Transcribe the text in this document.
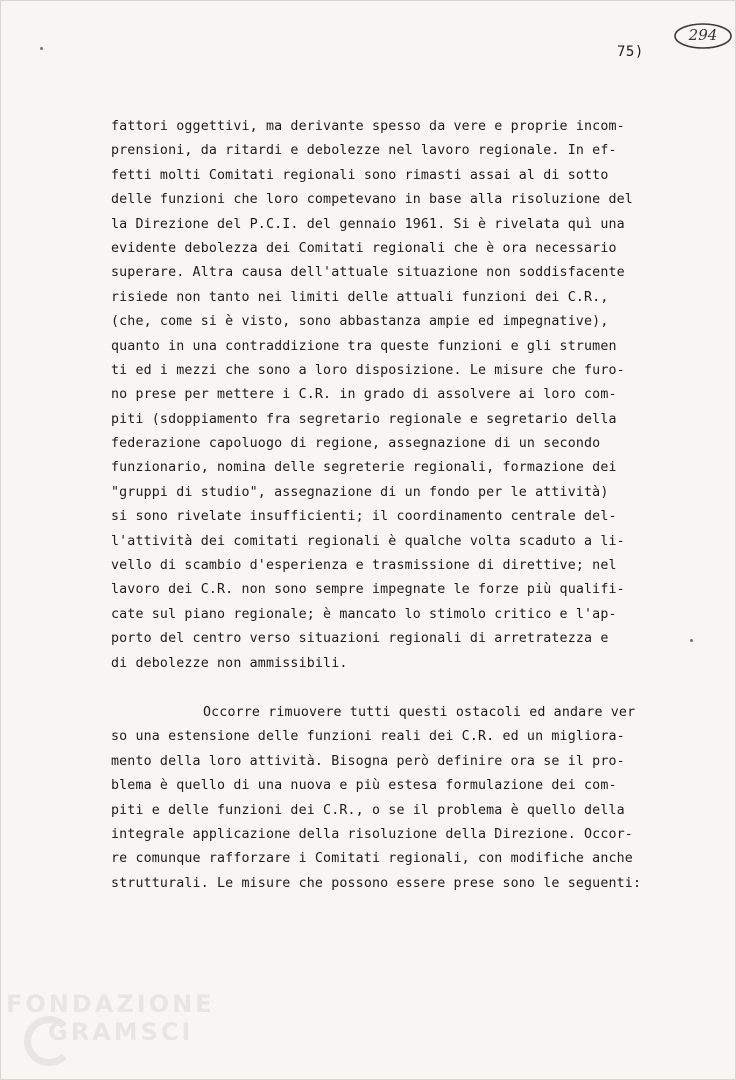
75)
294
fattori oggettivi, ma derivante spesso da vere e proprie incom-
prensioni, da ritardi e debolezze nel lavoro regionale. In ef-
fetti molti Comitati regionali sono rimasti assai al di sotto
delle funzioni che loro competevano in base alla risoluzione del
la Direzione del P.C.I. del gennaio 1961. Si è rivelata quì una
evidente debolezza dei Comitati regionali che è ora necessario
superare. Altra causa dell'attuale situazione non soddisfacente
risiede non tanto nei limiti delle attuali funzioni dei C.R.,
(che, come si è visto, sono abbastanza ampie ed impegnative),
quanto in una contraddizione tra queste funzioni e gli strumen
ti ed i mezzi che sono a loro disposizione. Le misure che furo-
no prese per mettere i C.R. in grado di assolvere ai loro com-
piti (sdoppiamento fra segretario regionale e segretario della
federazione capoluogo di regione, assegnazione di un secondo
funzionario, nomina delle segreterie regionali, formazione dei
"gruppi di studio", assegnazione di un fondo per le attività)
si sono rivelate insufficienti; il coordinamento centrale del-
l'attività dei comitati regionali è qualche volta scaduto a li-
vello di scambio d'esperienza e trasmissione di direttive; nel
lavoro dei C.R. non sono sempre impegnate le forze più qualifi-
cate sul piano regionale; è mancato lo stimolo critico e l'ap-
porto del centro verso situazioni regionali di arretratezza e
di debolezze non ammissibili.
Occorre rimuovere tutti questi ostacoli ed andare ver
so una estensione delle funzioni reali dei C.R. ed un migliora-
mento della loro attività. Bisogna però definire ora se il pro-
blema è quello di una nuova e più estesa formulazione dei com-
piti e delle funzioni dei C.R., o se il problema è quello della
integrale applicazione della risoluzione della Direzione. Occor-
re comunque rafforzare i Comitati regionali, con modifiche anche
strutturali. Le misure che possono essere prese sono le seguenti:
FONDAZIONE
GRAMSCI
